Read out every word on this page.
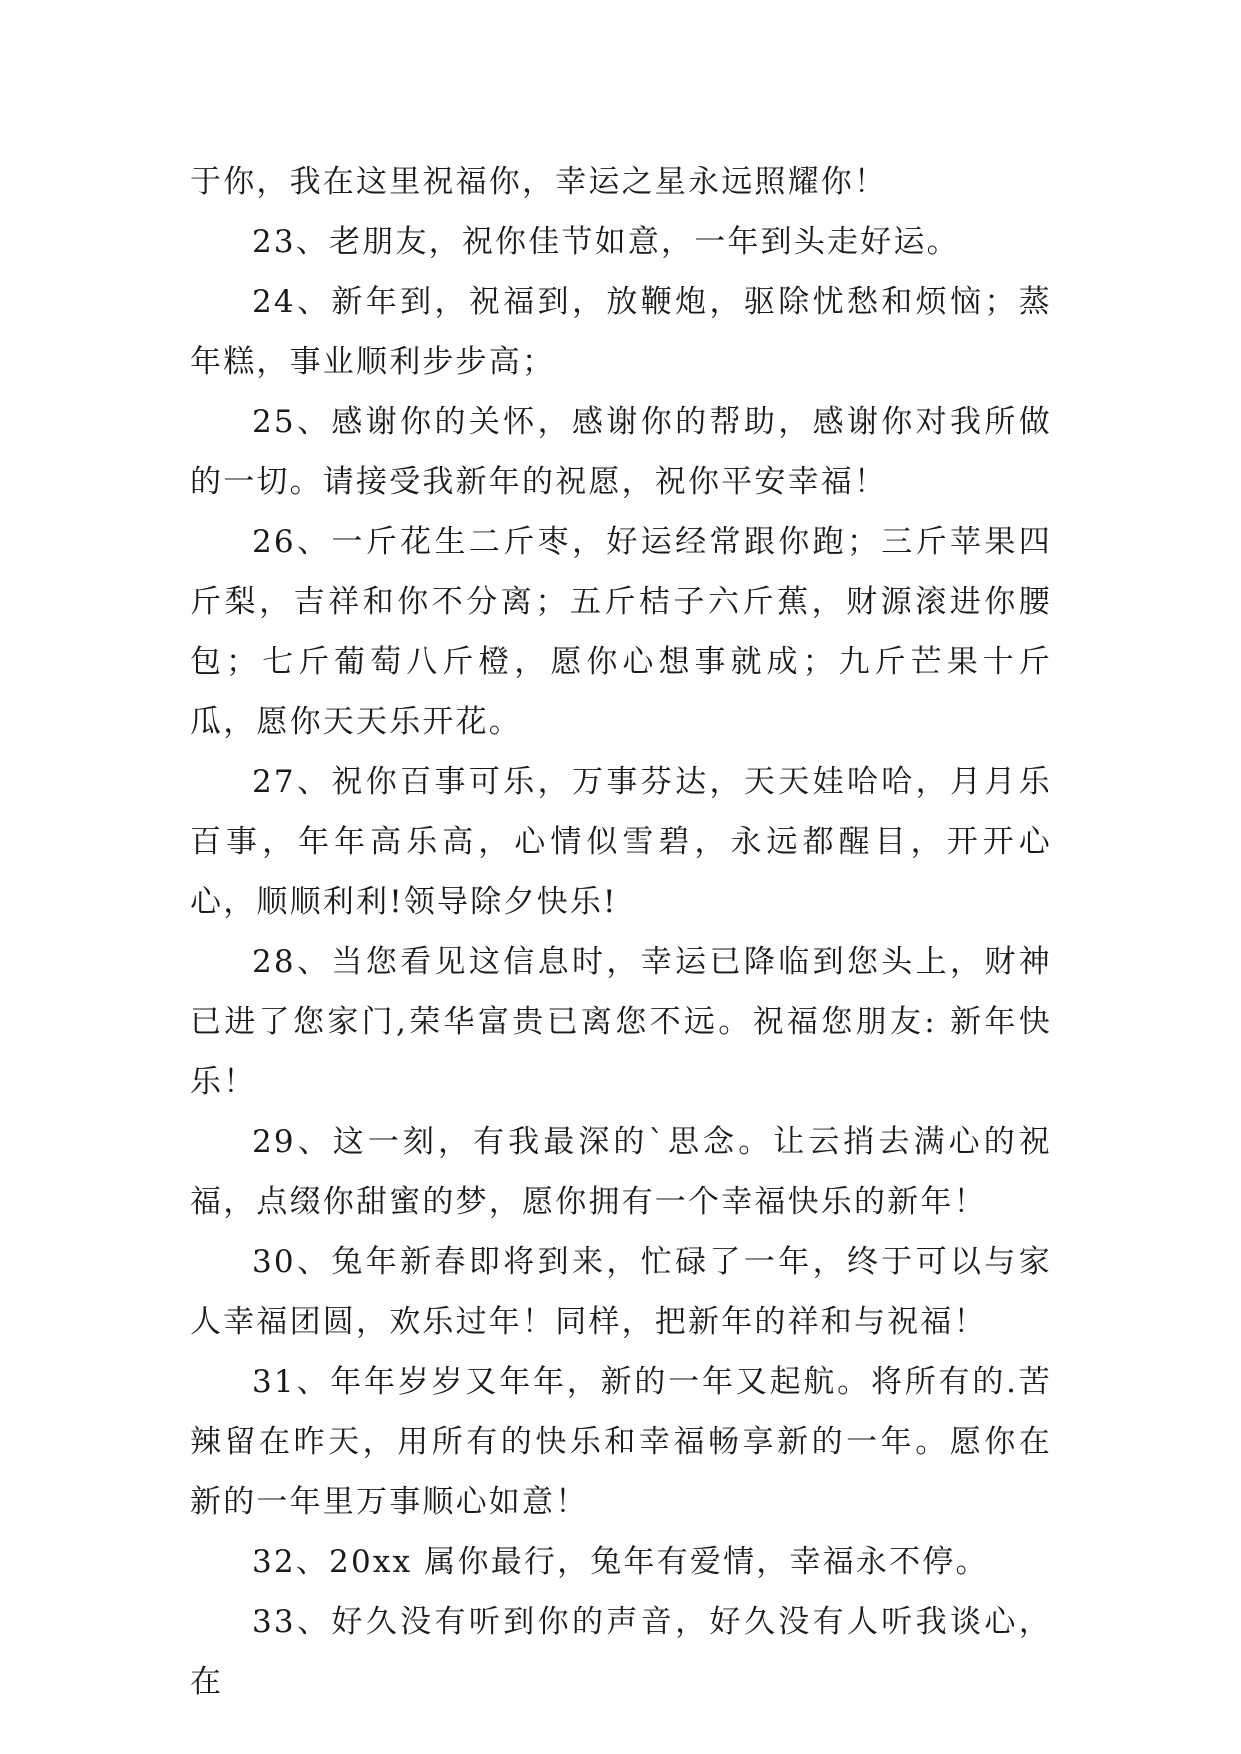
于你，我在这里祝福你，幸运之星永远照耀你！

23、老朋友，祝你佳节如意，一年到头走好运。

24、新年到，祝福到，放鞭炮，驱除忧愁和烦恼；蒸年糕，事业顺利步步高；

25、感谢你的关怀，感谢你的帮助，感谢你对我所做的一切。请接受我新年的祝愿，祝你平安幸福！

26、一斤花生二斤枣，好运经常跟你跑；三斤苹果四斤梨，吉祥和你不分离；五斤桔子六斤蕉，财源滚进你腰包；七斤葡萄八斤橙，愿你心想事就成；九斤芒果十斤瓜，愿你天天乐开花。

27、祝你百事可乐，万事芬达，天天娃哈哈，月月乐百事，年年高乐高，心情似雪碧，永远都醒目，开开心心，顺顺利利!领导除夕快乐!

28、当您看见这信息时，幸运已降临到您头上，财神已进了您家门,荣华富贵已离您不远。祝福您朋友: 新年快乐！

29、这一刻，有我最深的`思念。让云捎去满心的祝福，点缀你甜蜜的梦，愿你拥有一个幸福快乐的新年！

30、兔年新春即将到来，忙碌了一年，终于可以与家人幸福团圆，欢乐过年！同样，把新年的祥和与祝福！

31、年年岁岁又年年，新的一年又起航。将所有的.苦辣留在昨天，用所有的快乐和幸福畅享新的一年。愿你在新的一年里万事顺心如意！

32、20xx 属你最行，兔年有爱情，幸福永不停。

33、好久没有听到你的声音，好久没有人听我谈心，在
